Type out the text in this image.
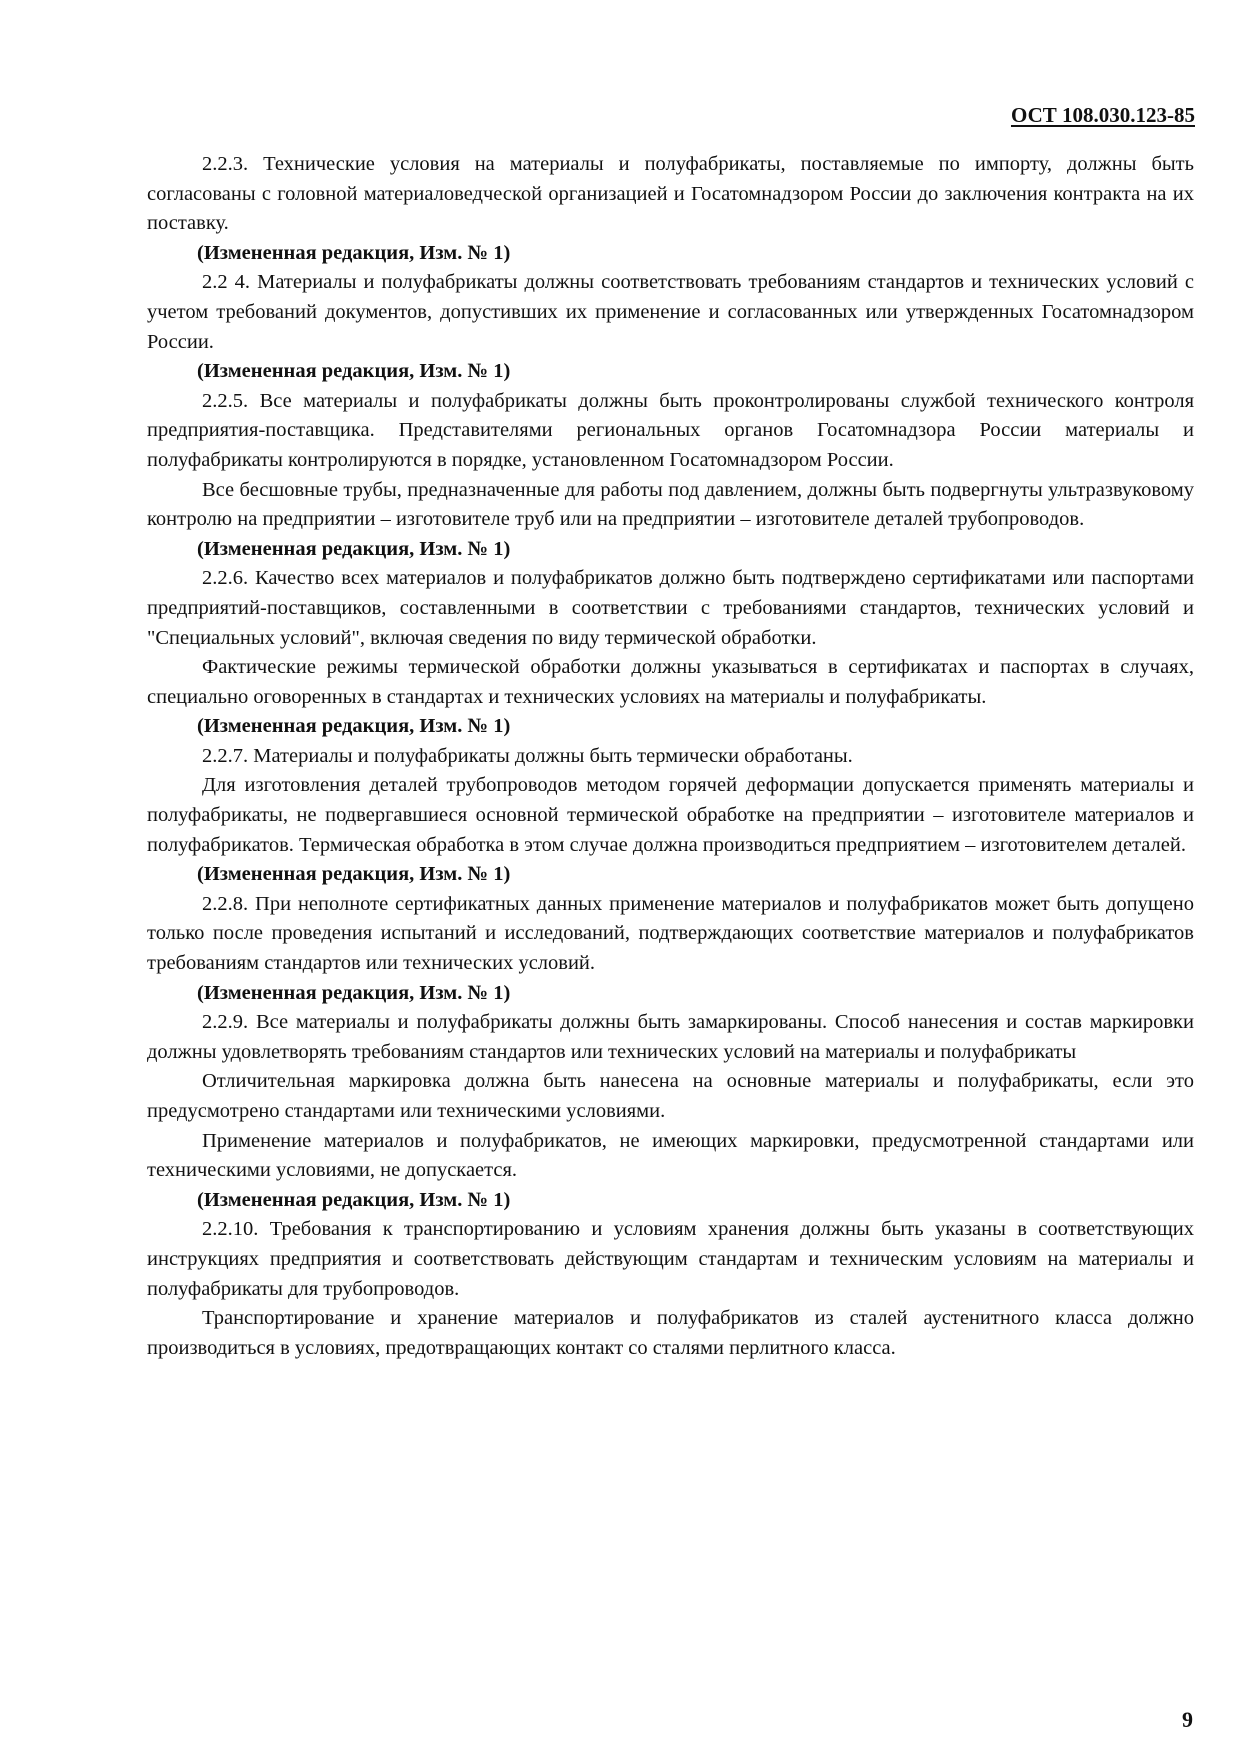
ОСТ 108.030.123-85

2.2.3. Технические условия на материалы и полуфабрикаты, поставляемые по импорту, должны быть согласованы с головной материаловедческой организацией и Госатомнадзором России до заключения контракта на их поставку.

(Измененная редакция, Изм. № 1)

2.2 4. Материалы и полуфабрикаты должны соответствовать требованиям стандартов и технических условий с учетом требований документов, допустивших их применение и согласованных или утвержденных Госатомнадзором России.

(Измененная редакция, Изм. № 1)

2.2.5. Все материалы и полуфабрикаты должны быть проконтролированы службой технического контроля предприятия-поставщика. Представителями региональных органов Госатомнадзора России материалы и полуфабрикаты контролируются в порядке, установленном Госатомнадзором России.

Все бесшовные трубы, предназначенные для работы под давлением, должны быть подвергнуты ультразвуковому контролю на предприятии – изготовителе труб или на предприятии – изготовителе деталей трубопроводов.

(Измененная редакция, Изм. № 1)

2.2.6. Качество всех материалов и полуфабрикатов должно быть подтверждено сертификатами или паспортами предприятий-поставщиков, составленными в соответствии с требованиями стандартов, технических условий и "Специальных условий", включая сведения по виду термической обработки.

Фактические режимы термической обработки должны указываться в сертификатах и паспортах в случаях, специально оговоренных в стандартах и технических условиях на материалы и полуфабрикаты.

(Измененная редакция, Изм. № 1)

2.2.7. Материалы и полуфабрикаты должны быть термически обработаны.

Для изготовления деталей трубопроводов методом горячей деформации допускается применять материалы и полуфабрикаты, не подвергавшиеся основной термической обработке на предприятии – изготовителе материалов и полуфабрикатов. Термическая обработка в этом случае должна производиться предприятием – изготовителем деталей.

(Измененная редакция, Изм. № 1)

2.2.8. При неполноте сертификатных данных применение материалов и полуфабрикатов может быть допущено только после проведения испытаний и исследований, подтверждающих соответствие материалов и полуфабрикатов требованиям стандартов или технических условий.

(Измененная редакция, Изм. № 1)

2.2.9. Все материалы и полуфабрикаты должны быть замаркированы. Способ нанесения и состав маркировки должны удовлетворять требованиям стандартов или технических условий на материалы и полуфабрикаты

Отличительная маркировка должна быть нанесена на основные материалы и полуфабрикаты, если это предусмотрено стандартами или техническими условиями.

Применение материалов и полуфабрикатов, не имеющих маркировки, предусмотренной стандартами или техническими условиями, не допускается.

(Измененная редакция, Изм. № 1)

2.2.10. Требования к транспортированию и условиям хранения должны быть указаны в соответствующих инструкциях предприятия и соответствовать действующим стандартам и техническим условиям на материалы и полуфабрикаты для трубопроводов.

Транспортирование и хранение материалов и полуфабрикатов из сталей аустенитного класса должно производиться в условиях, предотвращающих контакт со сталями перлитного класса.

9
